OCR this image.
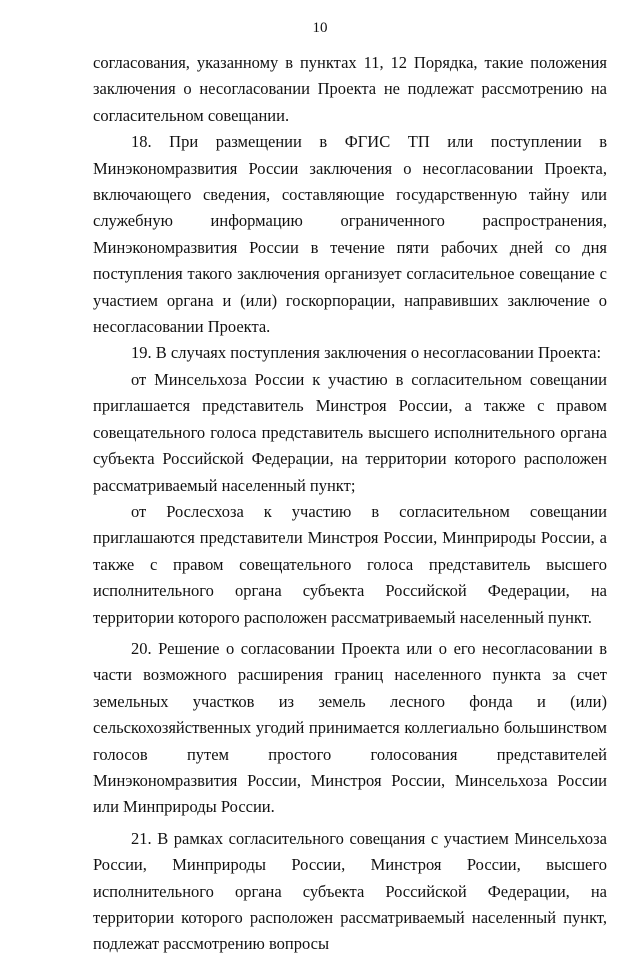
10

согласования, указанному в пунктах 11, 12 Порядка, такие положения заключения о несогласовании Проекта не подлежат рассмотрению на согласительном совещании.

18. При размещении в ФГИС ТП или поступлении в Минэкономразвития России заключения о несогласовании Проекта, включающего сведения, составляющие государственную тайну или служебную информацию ограниченного распространения, Минэкономразвития России в течение пяти рабочих дней со дня поступления такого заключения организует согласительное совещание с участием органа и (или) госкорпорации, направивших заключение о несогласовании Проекта.

19. В случаях поступления заключения о несогласовании Проекта:

от Минсельхоза России к участию в согласительном совещании приглашается представитель Минстроя России, а также с правом совещательного голоса представитель высшего исполнительного органа субъекта Российской Федерации, на территории которого расположен рассматриваемый населенный пункт;

от Рослесхоза к участию в согласительном совещании приглашаются представители Минстроя России, Минприроды России, а также с правом совещательного голоса представитель высшего исполнительного органа субъекта Российской Федерации, на территории которого расположен рассматриваемый населенный пункт.

20. Решение о согласовании Проекта или о его несогласовании в части возможного расширения границ населенного пункта за счет земельных участков из земель лесного фонда и (или) сельскохозяйственных угодий принимается коллегиально большинством голосов путем простого голосования представителей Минэкономразвития России, Минстроя России, Минсельхоза России или Минприроды России.

21. В рамках согласительного совещания с участием Минсельхоза России, Минприроды России, Минстроя России, высшего исполнительного органа субъекта Российской Федерации, на территории которого расположен рассматриваемый населенный пункт, подлежат рассмотрению вопросы
